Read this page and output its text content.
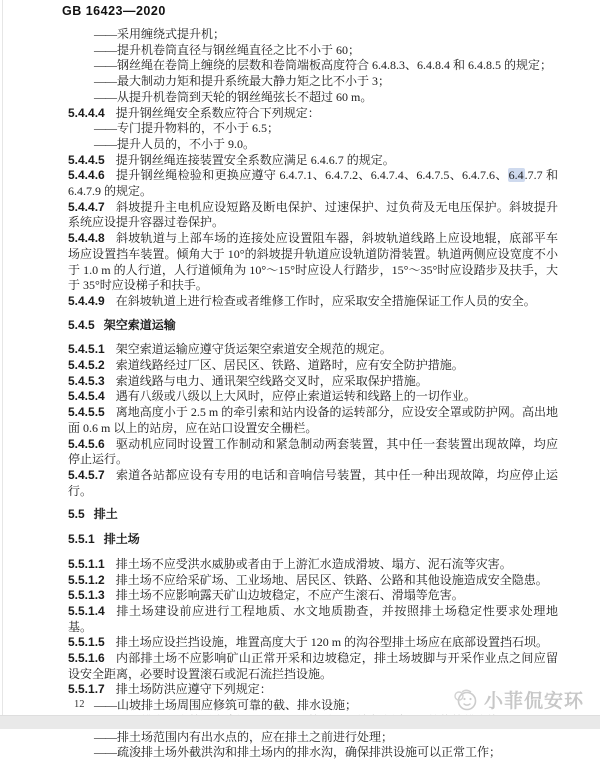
GB 16423—2020

——采用缠绕式提升机；

——提升机卷筒直径与钢丝绳直径之比不小于 60；

——钢丝绳在卷筒上缠绕的层数和卷筒端板高度符合 6.4.8.3、6.4.8.4 和 6.4.8.5 的规定；

——最大制动力矩和提升系统最大静力矩之比不小于 3；

——从提升机卷筒到天轮的钢丝绳弦长不超过 60 m。

5.4.4.4 提升钢丝绳安全系数应符合下列规定：

——专门提升物料的，不小于 6.5；

——提升人员的，不小于 9.0。

5.4.4.5 提升钢丝绳连接装置安全系数应满足 6.4.6.7 的规定。

5.4.4.6 提升钢丝绳检验和更换应遵守 6.4.7.1、6.4.7.2、6.4.7.4、6.4.7.5、6.4.7.6、6.4.7.7 和 6.4.7.9 的规定。

5.4.4.7 斜坡提升主电机应设短路及断电保护、过速保护、过负荷及无电压保护。斜坡提升系统应设提升容器过卷保护。

5.4.4.8 斜坡轨道与上部车场的连接处应设置阻车器，斜坡轨道线路上应设地辊，底部平车场应设置挡车装置。倾角大于 10°的斜坡提升轨道应设轨道防滑装置。轨道两侧应设宽度不小于 1.0 m 的人行道，人行道倾角为 10°～15°时应设人行踏步，15°～35°时应设踏步及扶手，大于 35°时应设梯子和扶手。

5.4.4.9 在斜坡轨道上进行检查或者维修工作时，应采取安全措施保证工作人员的安全。

5.4.5 架空索道运输

5.4.5.1 架空索道运输应遵守货运架空索道安全规范的规定。

5.4.5.2 索道线路经过厂区、居民区、铁路、道路时，应有安全防护措施。

5.4.5.3 索道线路与电力、通讯架空线路交叉时，应采取保护措施。

5.4.5.4 遇有八级或八级以上大风时，应停止索道运转和线路上的一切作业。

5.4.5.5 离地高度小于 2.5 m 的牵引索和站内设备的运转部分，应设安全罩或防护网。高出地面 0.6 m 以上的站房，应在站口设置安全栅栏。

5.4.5.6 驱动机应同时设置工作制动和紧急制动两套装置，其中任一套装置出现故障，均应停止运行。

5.4.5.7 索道各站都应设有专用的电话和音响信号装置，其中任一种出现故障，均应停止运行。

5.5 排土

5.5.1 排土场

5.5.1.1 排土场不应受洪水威胁或者由于上游汇水造成滑坡、塌方、泥石流等灾害。

5.5.1.2 排土场不应给采矿场、工业场地、居民区、铁路、公路和其他设施造成安全隐患。

5.5.1.3 排土场不应影响露天矿山边坡稳定，不应产生滚石、滑塌等危害。

5.5.1.4 排土场建设前应进行工程地质、水文地质勘查，并按照排土场稳定性要求处理地基。

5.5.1.5 排土场应设拦挡设施，堆置高度大于 120 m 的沟谷型排土场应在底部设置挡石坝。

5.5.1.6 内部排土场不应影响矿山正常开采和边坡稳定，排土场坡脚与开采作业点之间应留设安全距离，必要时设置滚石或泥石流拦挡设施。

5.5.1.7 排土场防洪应遵守下列规定：

——山坡排土场周围应修筑可靠的截、排水设施；

——排土场范围内有出水点的，应在排土之前进行处理；

——疏浚排土场外截洪沟和排土场内的排水沟，确保排洪设施可以正常工作；

12	小菲侃安环
